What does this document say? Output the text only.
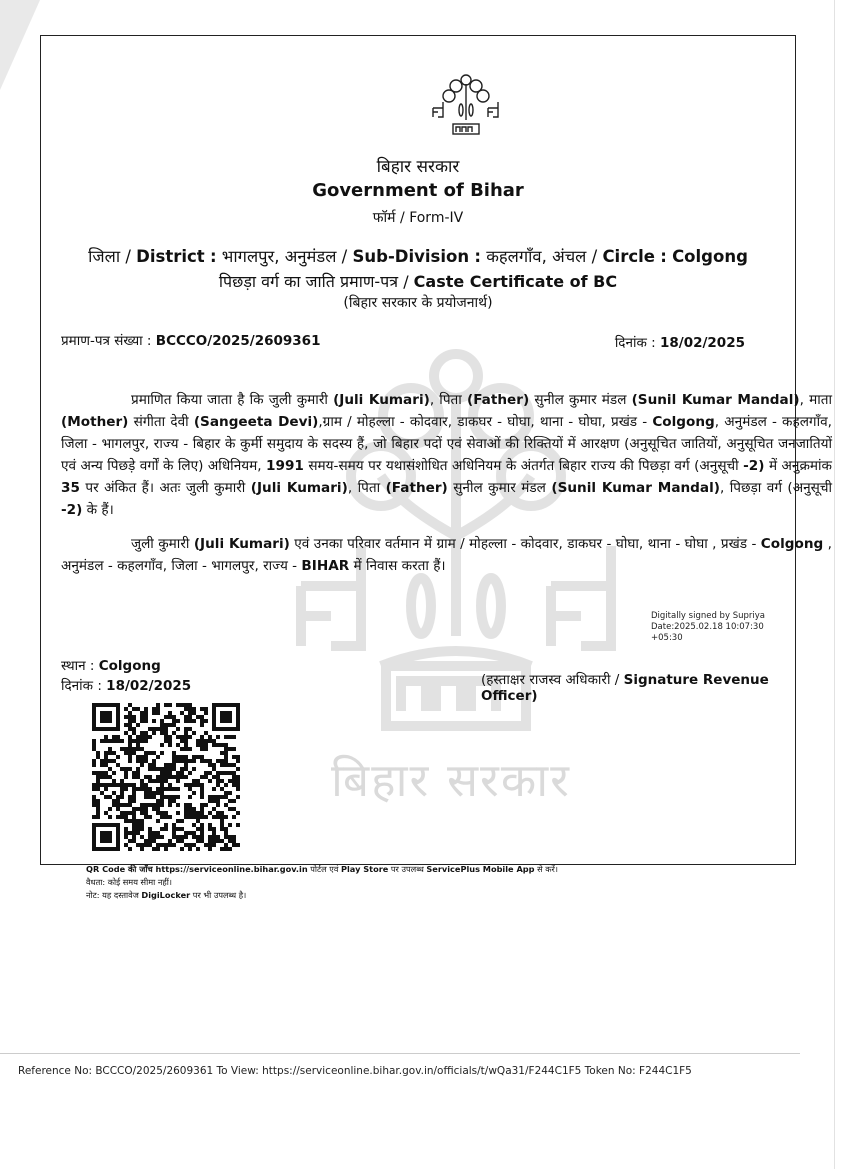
बिहार सरकार
बिहार सरकार
Government of Bihar
फॉर्म / Form-IV
जिला / District : भागलपुर, अनुमंडल / Sub-Division : कहलगाँव, अंचल / Circle : Colgong
पिछड़ा वर्ग का जाति प्रमाण-पत्र / Caste Certificate of BC
(बिहार सरकार के प्रयोजनार्थ)
प्रमाण-पत्र संख्या : BCCCO/2025/2609361	दिनांक : 18/02/2025
प्रमाणित किया जाता है कि जुली कुमारी (Juli Kumari), पिता (Father) सुनील कुमार मंडल (Sunil Kumar Mandal), माता (Mother) संगीता देवी (Sangeeta Devi),ग्राम / मोहल्ला - कोदवार, डाकघर - घोघा, थाना - घोघा, प्रखंड - Colgong, अनुमंडल - कहलगाँव, जिला - भागलपुर, राज्य - बिहार के कुर्मी समुदाय के सदस्य हैं, जो बिहार पदों एवं सेवाओं की रिक्तियों में आरक्षण (अनुसूचित जातियों, अनुसूचित जनजातियों एवं अन्य पिछड़े वर्गों के लिए) अधिनियम, 1991 समय-समय पर यथासंशोधित अधिनियम के अंतर्गत बिहार राज्य की पिछड़ा वर्ग (अनुसूची -2) में अनुक्रमांक 35 पर अंकित हैं। अतः जुली कुमारी (Juli Kumari), पिता (Father) सुनील कुमार मंडल (Sunil Kumar Mandal), पिछड़ा वर्ग (अनुसूची -2) के हैं।
जुली कुमारी (Juli Kumari) एवं उनका परिवार वर्तमान में ग्राम / मोहल्ला - कोदवार, डाकघर - घोघा, थाना - घोघा , प्रखंड - Colgong , अनुमंडल - कहलगाँव, जिला - भागलपुर, राज्य - BIHAR में निवास करता हैं।
Digitally signed by Supriya
Date:2025.02.18 10:07:30 +05:30
स्थान : Colgong
दिनांक : 18/02/2025	(हस्ताक्षर राजस्व अधिकारी / Signature Revenue Officer)
QR Code की जाँच https://serviceonline.bihar.gov.in पोर्टल एवं Play Store पर उपलब्ध ServicePlus Mobile App से करें।
वैधता: कोई समय सीमा नहीं।
नोट: यह दस्तावेज DigiLocker पर भी उपलब्ध है।
Reference No: BCCCO/2025/2609361 To View: https://serviceonline.bihar.gov.in/officials/t/wQa31/F244C1F5 Token No: F244C1F5
